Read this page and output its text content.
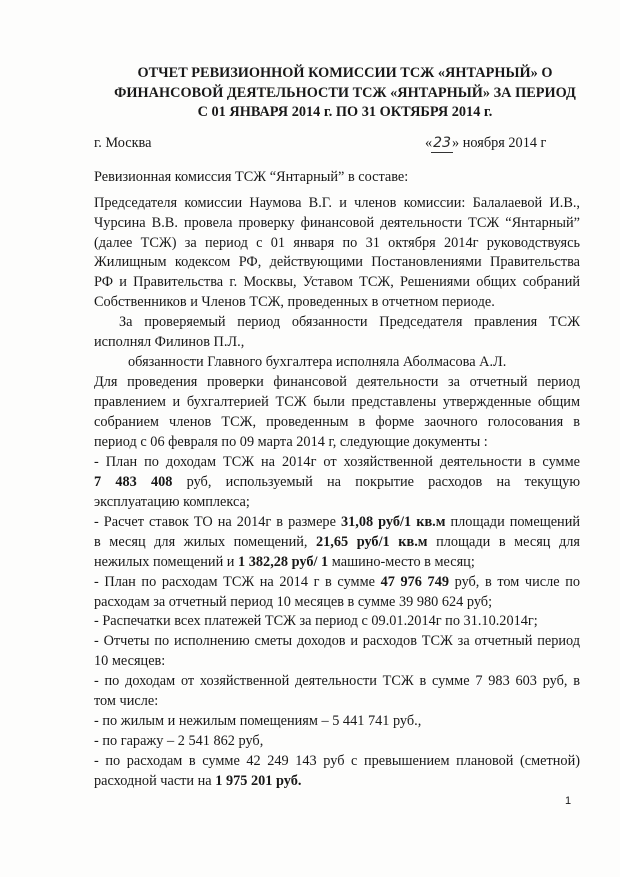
ОТЧЕТ РЕВИЗИОННОЙ КОМИССИИ ТСЖ «ЯНТАРНЫЙ» О
ФИНАНСОВОЙ ДЕЯТЕЛЬНОСТИ ТСЖ «ЯНТАРНЫЙ» ЗА ПЕРИОД
С 01 ЯНВАРЯ 2014 г. ПО 31 ОКТЯБРЯ 2014 г.
г. Москва	«23» ноября 2014 г
Ревизионная комиссия ТСЖ “Янтарный” в составе:
Председателя комиссии Наумова В.Г. и членов комиссии: Балалаевой И.В.,
Чурсина В.В. провела проверку финансовой деятельности ТСЖ “Янтарный”
(далее ТСЖ) за период с 01 января по 31 октября 2014г руководствуясь
Жилищным кодексом РФ, действующими Постановлениями Правительства
РФ и Правительства г. Москвы, Уставом ТСЖ, Решениями общих собраний
Собственников и Членов ТСЖ, проведенных в отчетном периоде.
За проверяемый период обязанности Председателя правления ТСЖ
исполнял Филинов П.Л.,
обязанности Главного бухгалтера исполняла Аболмасова А.Л.
Для проведения проверки финансовой деятельности за отчетный период
правлением и бухгалтерией ТСЖ были представлены утвержденные общим
собранием членов ТСЖ, проведенным в форме заочного голосования в
период с 06 февраля по 09 марта 2014 г, следующие документы :
- План по доходам ТСЖ на 2014г от хозяйственной деятельности в сумме
7 483 408 руб, используемый на покрытие расходов на текущую
эксплуатацию комплекса;
- Расчет ставок ТО на 2014г в размере 31,08 руб/1 кв.м площади помещений
в месяц для жилых помещений, 21,65 руб/1 кв.м площади в месяц для
нежилых помещений и 1 382,28 руб/ 1 машино-место в месяц;
- План по расходам ТСЖ на 2014 г в сумме 47 976 749 руб, в том числе по
расходам за отчетный период 10 месяцев в сумме 39 980 624 руб;
- Распечатки всех платежей ТСЖ за период с 09.01.2014г по 31.10.2014г;
- Отчеты по исполнению сметы доходов и расходов ТСЖ за отчетный период
10 месяцев:
- по доходам от хозяйственной деятельности ТСЖ в сумме 7 983 603 руб, в
том числе:
- по жилым и нежилым помещениям – 5 441 741 руб.,
- по гаражу – 2 541 862 руб,
- по расходам в сумме 42 249 143 руб с превышением плановой (сметной)
расходной части на 1 975 201 руб.
1
